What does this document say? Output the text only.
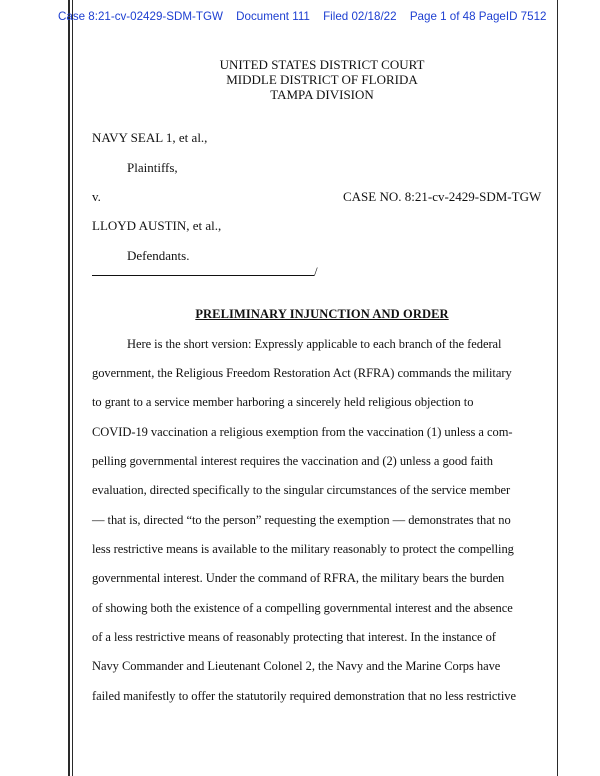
Case 8:21-cv-02429-SDM-TGW Document 111 Filed 02/18/22 Page 1 of 48 PageID 7512
UNITED STATES DISTRICT COURT
MIDDLE DISTRICT OF FLORIDA
TAMPA DIVISION
NAVY SEAL 1, et al.,
Plaintiffs,
v.	CASE NO. 8:21-cv-2429-SDM-TGW
LLOYD AUSTIN, et al.,
Defendants.
/
PRELIMINARY INJUNCTION AND ORDER
Here is the short version: Expressly applicable to each branch of the federal
government, the Religious Freedom Restoration Act (RFRA) commands the military
to grant to a service member harboring a sincerely held religious objection to
COVID-19 vaccination a religious exemption from the vaccination (1) unless a com-
pelling governmental interest requires the vaccination and (2) unless a good faith
evaluation, directed specifically to the singular circumstances of the service member
— that is, directed “to the person” requesting the exemption — demonstrates that no
less restrictive means is available to the military reasonably to protect the compelling
governmental interest. Under the command of RFRA, the military bears the burden
of showing both the existence of a compelling governmental interest and the absence
of a less restrictive means of reasonably protecting that interest. In the instance of
Navy Commander and Lieutenant Colonel 2, the Navy and the Marine Corps have
failed manifestly to offer the statutorily required demonstration that no less restrictive
